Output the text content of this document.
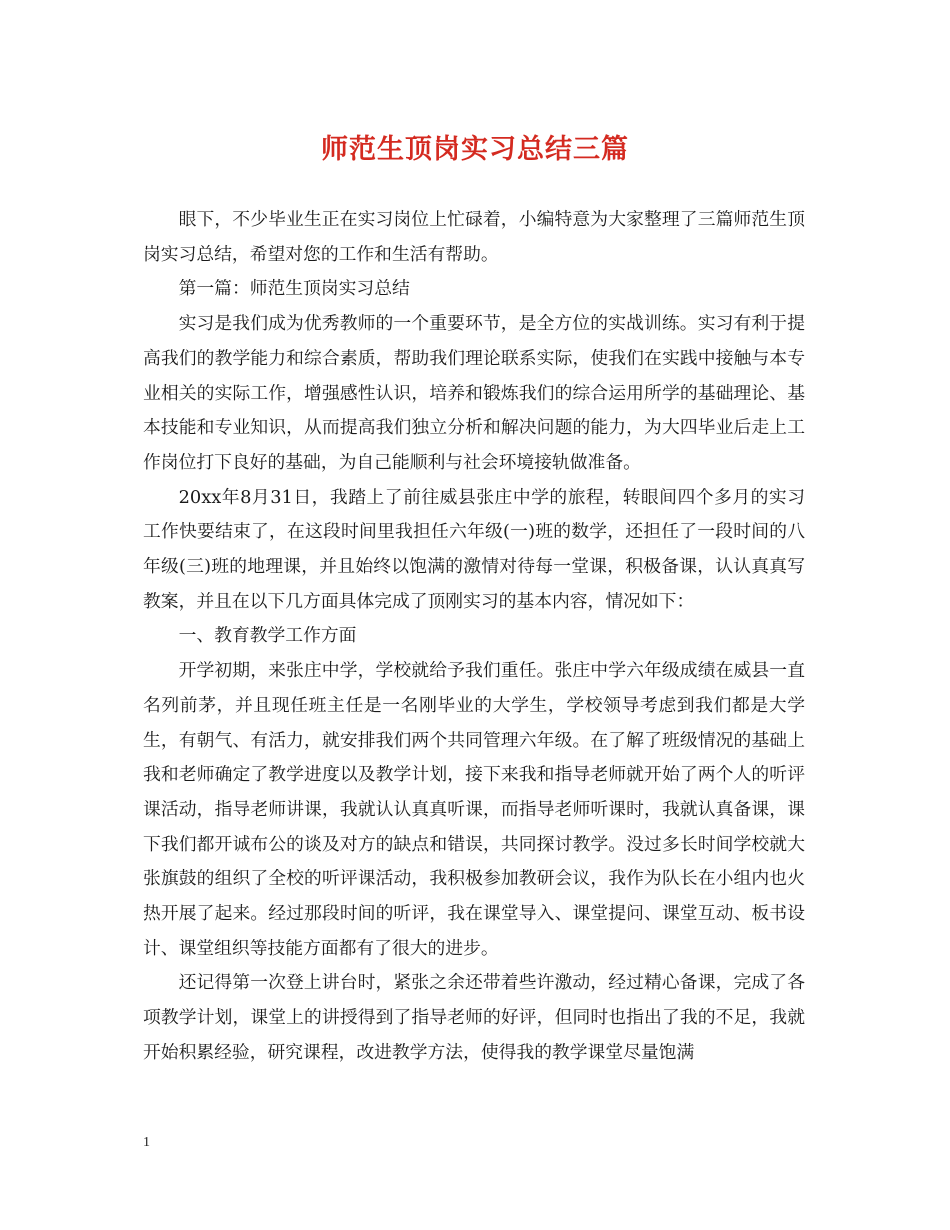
师范生顶岗实习总结三篇

眼下，不少毕业生正在实习岗位上忙碌着，小编特意为大家整理了三篇师范生顶岗实习总结，希望对您的工作和生活有帮助。

第一篇：师范生顶岗实习总结

实习是我们成为优秀教师的一个重要环节，是全方位的实战训练。实习有利于提高我们的教学能力和综合素质，帮助我们理论联系实际，使我们在实践中接触与本专业相关的实际工作，增强感性认识，培养和锻炼我们的综合运用所学的基础理论、基本技能和专业知识，从而提高我们独立分析和解决问题的能力，为大四毕业后走上工作岗位打下良好的基础，为自己能顺利与社会环境接轨做准备。

20xx年8月31日，我踏上了前往威县张庄中学的旅程，转眼间四个多月的实习工作快要结束了，在这段时间里我担任六年级(一)班的数学，还担任了一段时间的八年级(三)班的地理课，并且始终以饱满的激情对待每一堂课，积极备课，认认真真写教案，并且在以下几方面具体完成了顶刚实习的基本内容，情况如下：

一、教育教学工作方面

开学初期，来张庄中学，学校就给予我们重任。张庄中学六年级成绩在威县一直名列前茅，并且现任班主任是一名刚毕业的大学生，学校领导考虑到我们都是大学生，有朝气、有活力，就安排我们两个共同管理六年级。在了解了班级情况的基础上我和老师确定了教学进度以及教学计划，接下来我和指导老师就开始了两个人的听评课活动，指导老师讲课，我就认认真真听课，而指导老师听课时，我就认真备课，课下我们都开诚布公的谈及对方的缺点和错误，共同探讨教学。没过多长时间学校就大张旗鼓的组织了全校的听评课活动，我积极参加教研会议，我作为队长在小组内也火热开展了起来。经过那段时间的听评，我在课堂导入、课堂提问、课堂互动、板书设计、课堂组织等技能方面都有了很大的进步。

还记得第一次登上讲台时，紧张之余还带着些许激动，经过精心备课，完成了各项教学计划，课堂上的讲授得到了指导老师的好评，但同时也指出了我的不足，我就开始积累经验，研究课程，改进教学方法，使得我的教学课堂尽量饱满

1
